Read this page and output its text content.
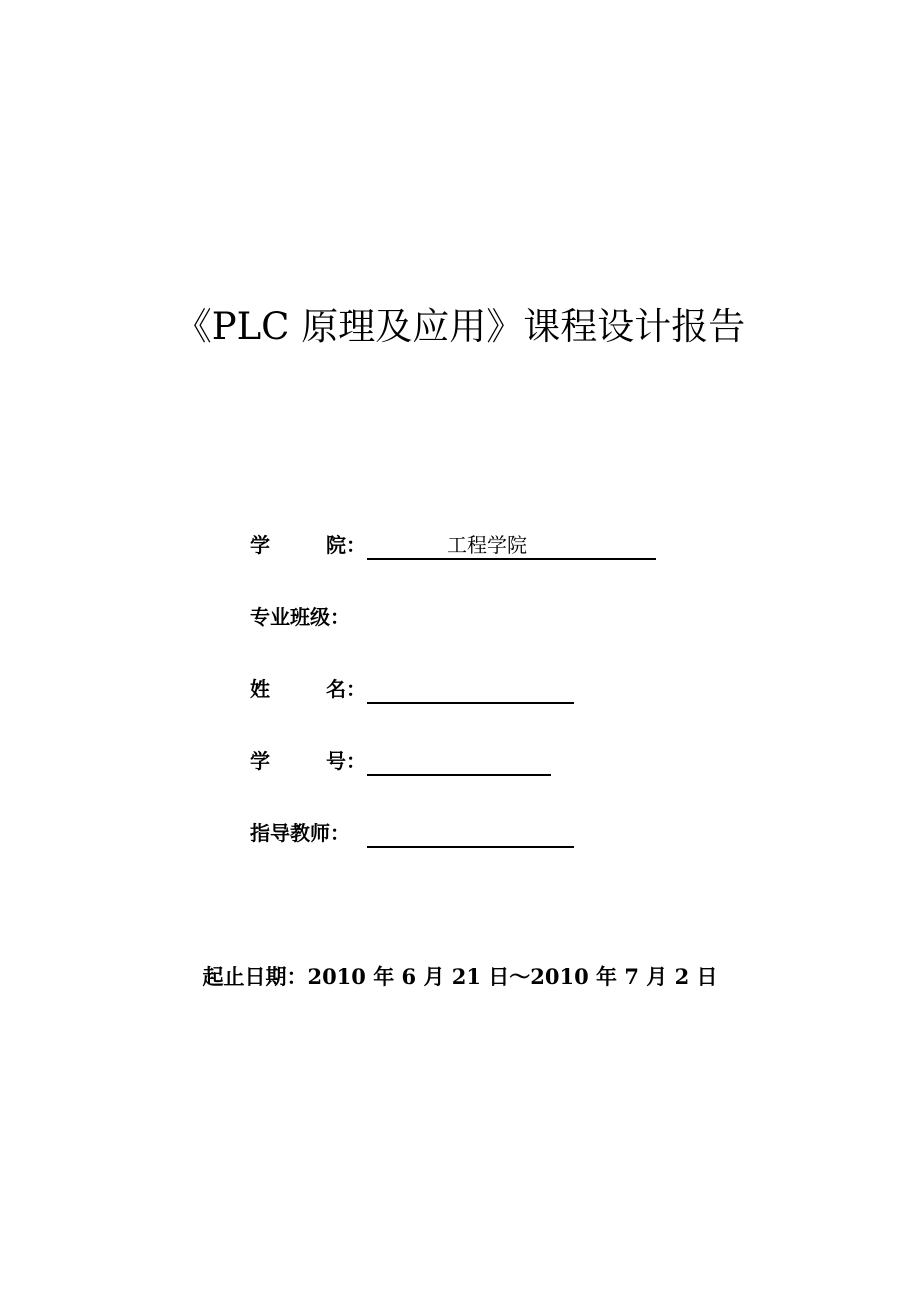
《PLC 原理及应用》课程设计报告
学	院：	工程学院
专业班级：
姓	名：
学	号：
指导教师：
起止日期：2010 年 6 月 21 日～2010 年 7 月 2 日
